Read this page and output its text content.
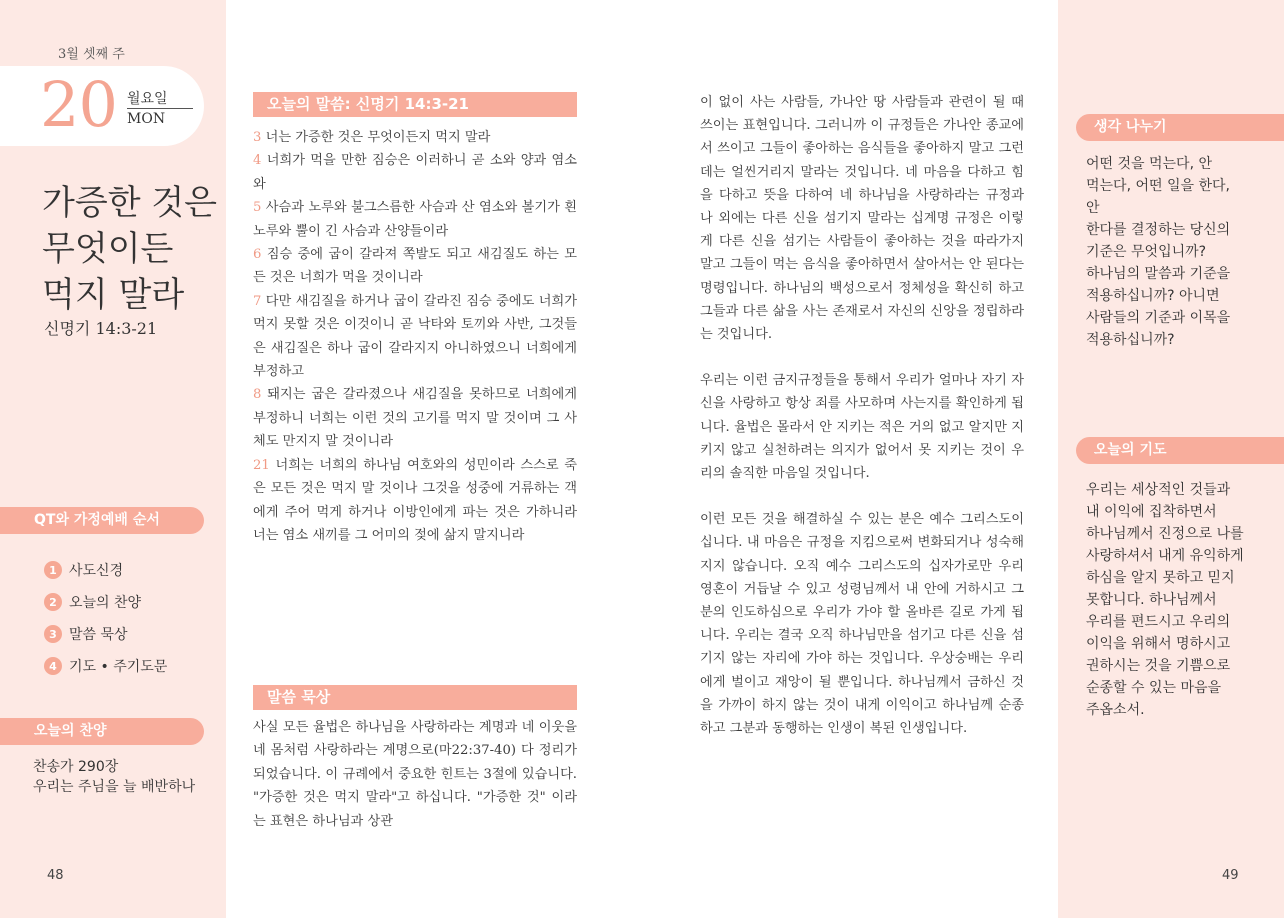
3월 셋째 주
20 월요일
MON
가증한 것은
무엇이든
먹지 말라
신명기 14:3-21
QT와 가정예배 순서
1 사도신경
2 오늘의 찬양
3 말씀 묵상
4 기도 • 주기도문
오늘의 찬양
찬송가 290장
우리는 주님을 늘 배반하나
48
오늘의 말씀: 신명기 14:3-21
3 너는 가증한 것은 무엇이든지 먹지 말라
4 너희가 먹을 만한 짐승은 이러하니 곧 소와 양과 염소와
5 사슴과 노루와 불그스름한 사슴과 산 염소와 볼기가 흰 노루와 뿔이 긴 사슴과 산양들이라
6 짐승 중에 굽이 갈라져 쪽발도 되고 새김질도 하는 모든 것은 너희가 먹을 것이니라
7 다만 새김질을 하거나 굽이 갈라진 짐승 중에도 너희가 먹지 못할 것은 이것이니 곧 낙타와 토끼와 사반, 그것들은 새김질은 하나 굽이 갈라지지 아니하였으니 너희에게 부정하고
8 돼지는 굽은 갈라졌으나 새김질을 못하므로 너희에게 부정하니 너희는 이런 것의 고기를 먹지 말 것이며 그 사체도 만지지 말 것이니라
21 너희는 너희의 하나님 여호와의 성민이라 스스로 죽은 모든 것은 먹지 말 것이나 그것을 성중에 거류하는 객에게 주어 먹게 하거나 이방인에게 파는 것은 가하니라 너는 염소 새끼를 그 어미의 젖에 삶지 말지니라
말씀 묵상
사실 모든 율법은 하나님을 사랑하라는 계명과 네 이웃을 네 몸처럼 사랑하라는 계명으로(마22:37-40) 다 정리가 되었습니다. 이 규례에서 중요한 힌트는 3절에 있습니다. "가증한 것은 먹지 말라"고 하십니다. "가증한 것" 이라는 표현은 하나님과 상관

이 없이 사는 사람들, 가나안 땅 사람들과 관련이 될 때 쓰이는 표현입니다. 그러니까 이 규정들은 가나안 종교에서 쓰이고 그들이 좋아하는 음식들을 좋아하지 말고 그런 데는 얼씬거리지 말라는 것입니다. 네 마음을 다하고 힘을 다하고 뜻을 다하여 네 하나님을 사랑하라는 규정과 나 외에는 다른 신을 섬기지 말라는 십계명 규정은 이렇게 다른 신을 섬기는 사람들이 좋아하는 것을 따라가지 말고 그들이 먹는 음식을 좋아하면서 살아서는 안 된다는 명령입니다. 하나님의 백성으로서 정체성을 확신히 하고 그들과 다른 삶을 사는 존재로서 자신의 신앙을 정립하라는 것입니다.

우리는 이런 금지규정들을 통해서 우리가 얼마나 자기 자신을 사랑하고 항상 죄를 사모하며 사는지를 확인하게 됩니다. 율법은 몰라서 안 지키는 적은 거의 없고 알지만 지키지 않고 실천하려는 의지가 없어서 못 지키는 것이 우리의 솔직한 마음일 것입니다.

이런 모든 것을 해결하실 수 있는 분은 예수 그리스도이십니다. 내 마음은 규정을 지킴으로써 변화되거나 성숙해지지 않습니다. 오직 예수 그리스도의 십자가로만 우리 영혼이 거듭날 수 있고 성령님께서 내 안에 거하시고 그분의 인도하심으로 우리가 가야 할 올바른 길로 가게 됩니다. 우리는 결국 오직 하나님만을 섬기고 다른 신을 섬기지 않는 자리에 가야 하는 것입니다. 우상숭배는 우리에게 벌이고 재앙이 될 뿐입니다. 하나님께서 금하신 것을 가까이 하지 않는 것이 내게 이익이고 하나님께 순종하고 그분과 동행하는 인생이 복된 인생입니다.

생각 나누기
어떤 것을 먹는다, 안
먹는다, 어떤 일을 한다, 안
한다를 결정하는 당신의
기준은 무엇입니까?
하나님의 말씀과 기준을
적용하십니까? 아니면
사람들의 기준과 이목을
적용하십니까?
오늘의 기도
우리는 세상적인 것들과
내 이익에 집착하면서
하나님께서 진정으로 나를
사랑하셔서 내게 유익하게
하심을 알지 못하고 믿지
못합니다. 하나님께서
우리를 편드시고 우리의
이익을 위해서 명하시고
권하시는 것을 기쁨으로
순종할 수 있는 마음을
주옵소서.
49
